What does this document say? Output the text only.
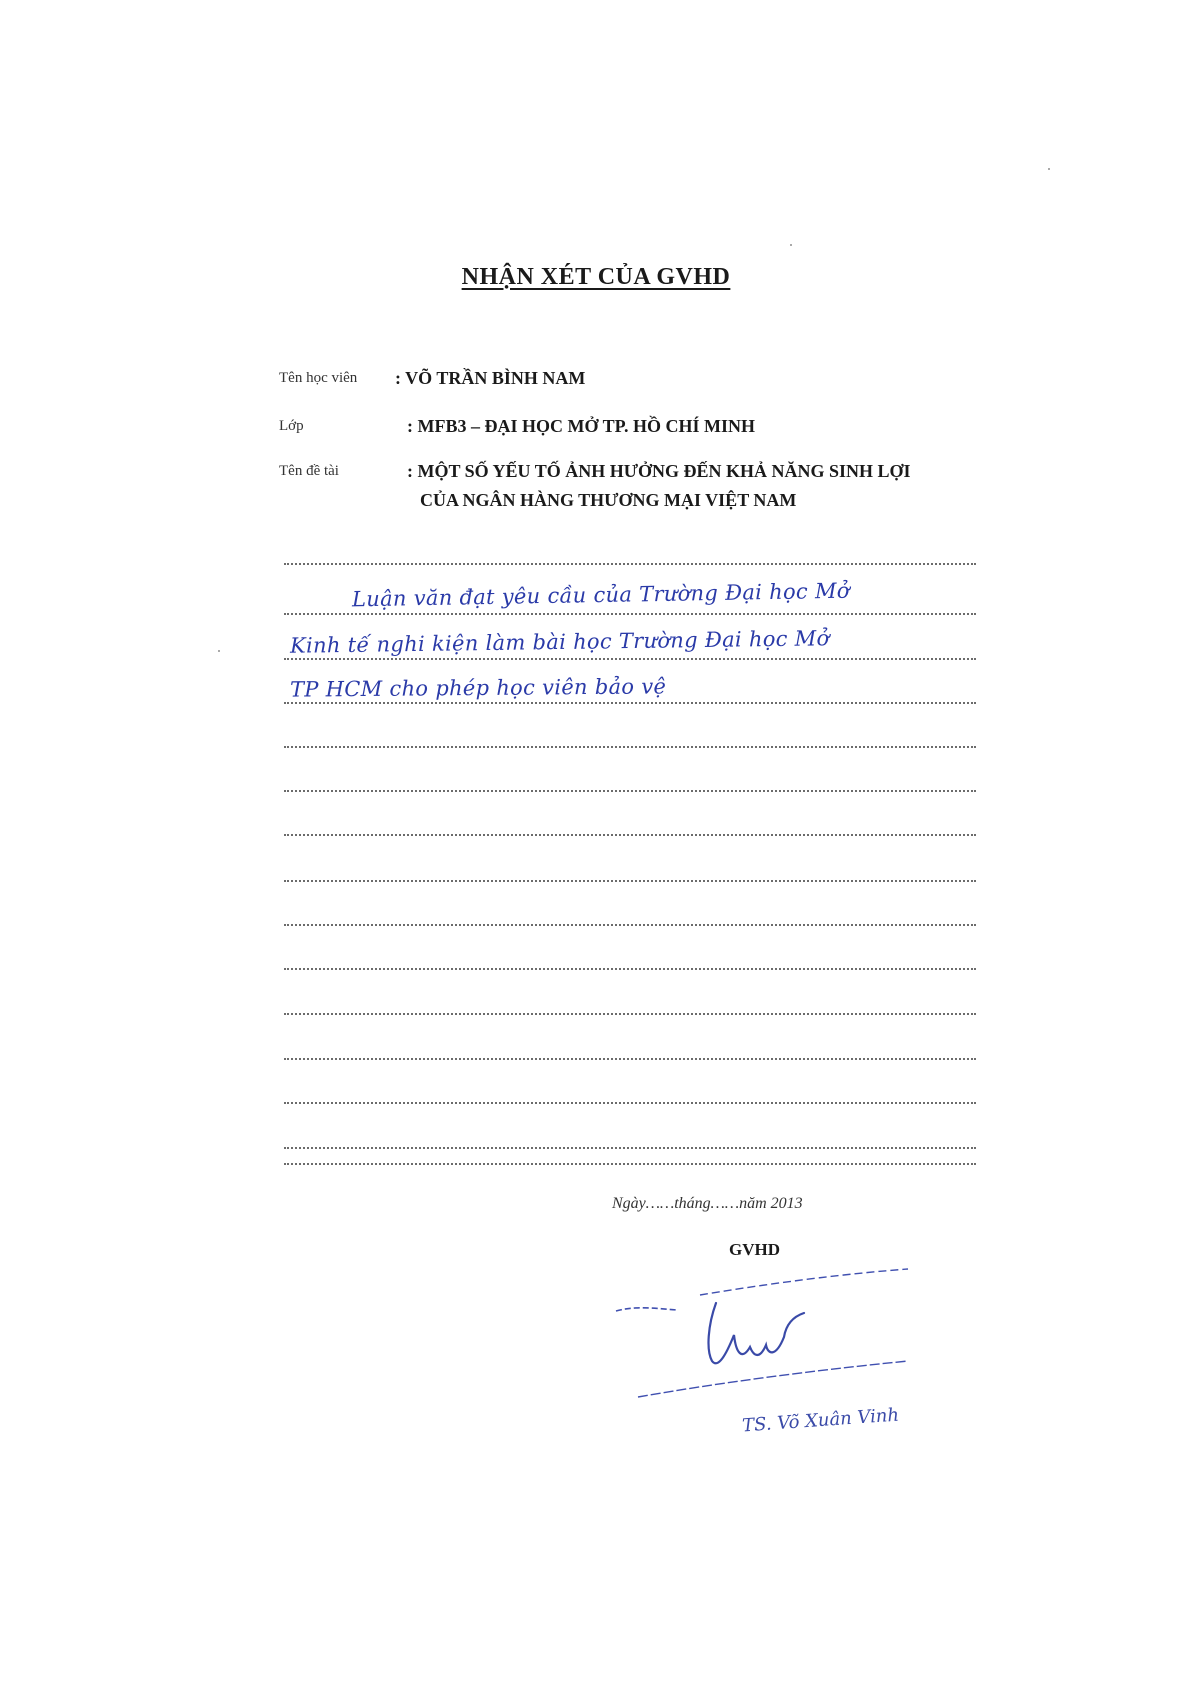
NHẬN XÉT CỦA GVHD
Tên học viên	: VÕ TRẦN BÌNH NAM
Lớp	: MFB3 – ĐẠI HỌC MỞ TP. HỒ CHÍ MINH
Tên đề tài	: MỘT SỐ YẾU TỐ ẢNH HƯỞNG ĐẾN KHẢ NĂNG SINH LỢI
CỦA NGÂN HÀNG THƯƠNG MẠI VIỆT NAM
Luận văn đạt yêu cầu của Trường Đại học Mở
Kinh tế nghi kiện làm bài học Trường Đại học Mở
TP HCM cho phép học viên bảo vệ
Ngày……tháng……năm 2013
GVHD
TS. Võ Xuân Vinh
